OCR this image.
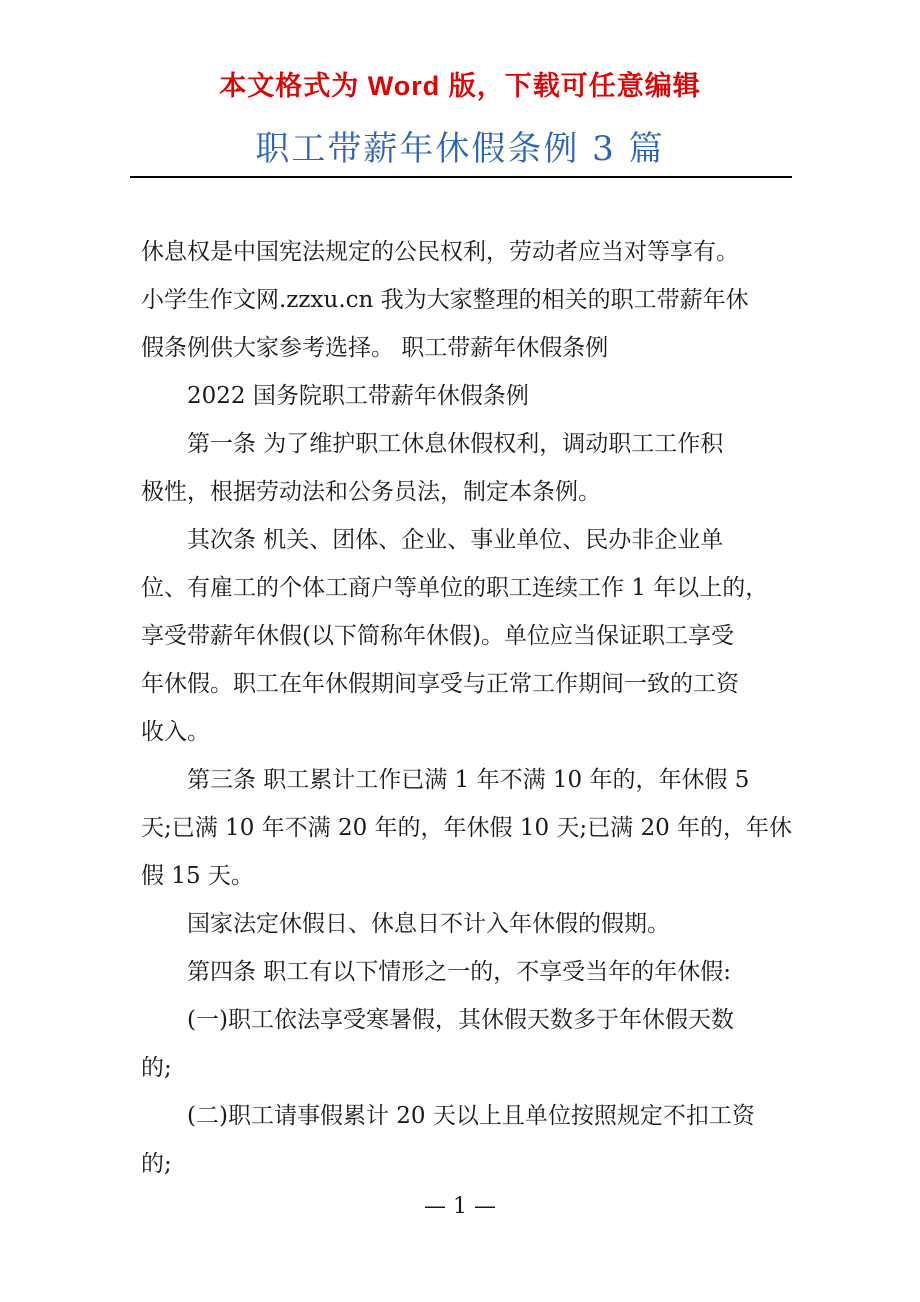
本文格式为 Word 版，下载可任意编辑
职工带薪年休假条例 3 篇

休息权是中国宪法规定的公民权利，劳动者应当对等享有。

小学生作文网.zzxu.cn 我为大家整理的相关的职工带薪年休

假条例供大家参考选择。 职工带薪年休假条例

2022 国务院职工带薪年休假条例

第一条 为了维护职工休息休假权利，调动职工工作积

极性，根据劳动法和公务员法，制定本条例。

其次条 机关、团体、企业、事业单位、民办非企业单

位、有雇工的个体工商户等单位的职工连续工作 1 年以上的，

享受带薪年休假(以下简称年休假)。单位应当保证职工享受

年休假。职工在年休假期间享受与正常工作期间一致的工资

收入。

第三条 职工累计工作已满 1 年不满 10 年的，年休假 5

天;已满 10 年不满 20 年的，年休假 10 天;已满 20 年的，年休

假 15 天。

国家法定休假日、休息日不计入年休假的假期。

第四条 职工有以下情形之一的，不享受当年的年休假:

(一)职工依法享受寒暑假，其休假天数多于年休假天数

的;

(二)职工请事假累计 20 天以上且单位按照规定不扣工资

的;

— 1 —
